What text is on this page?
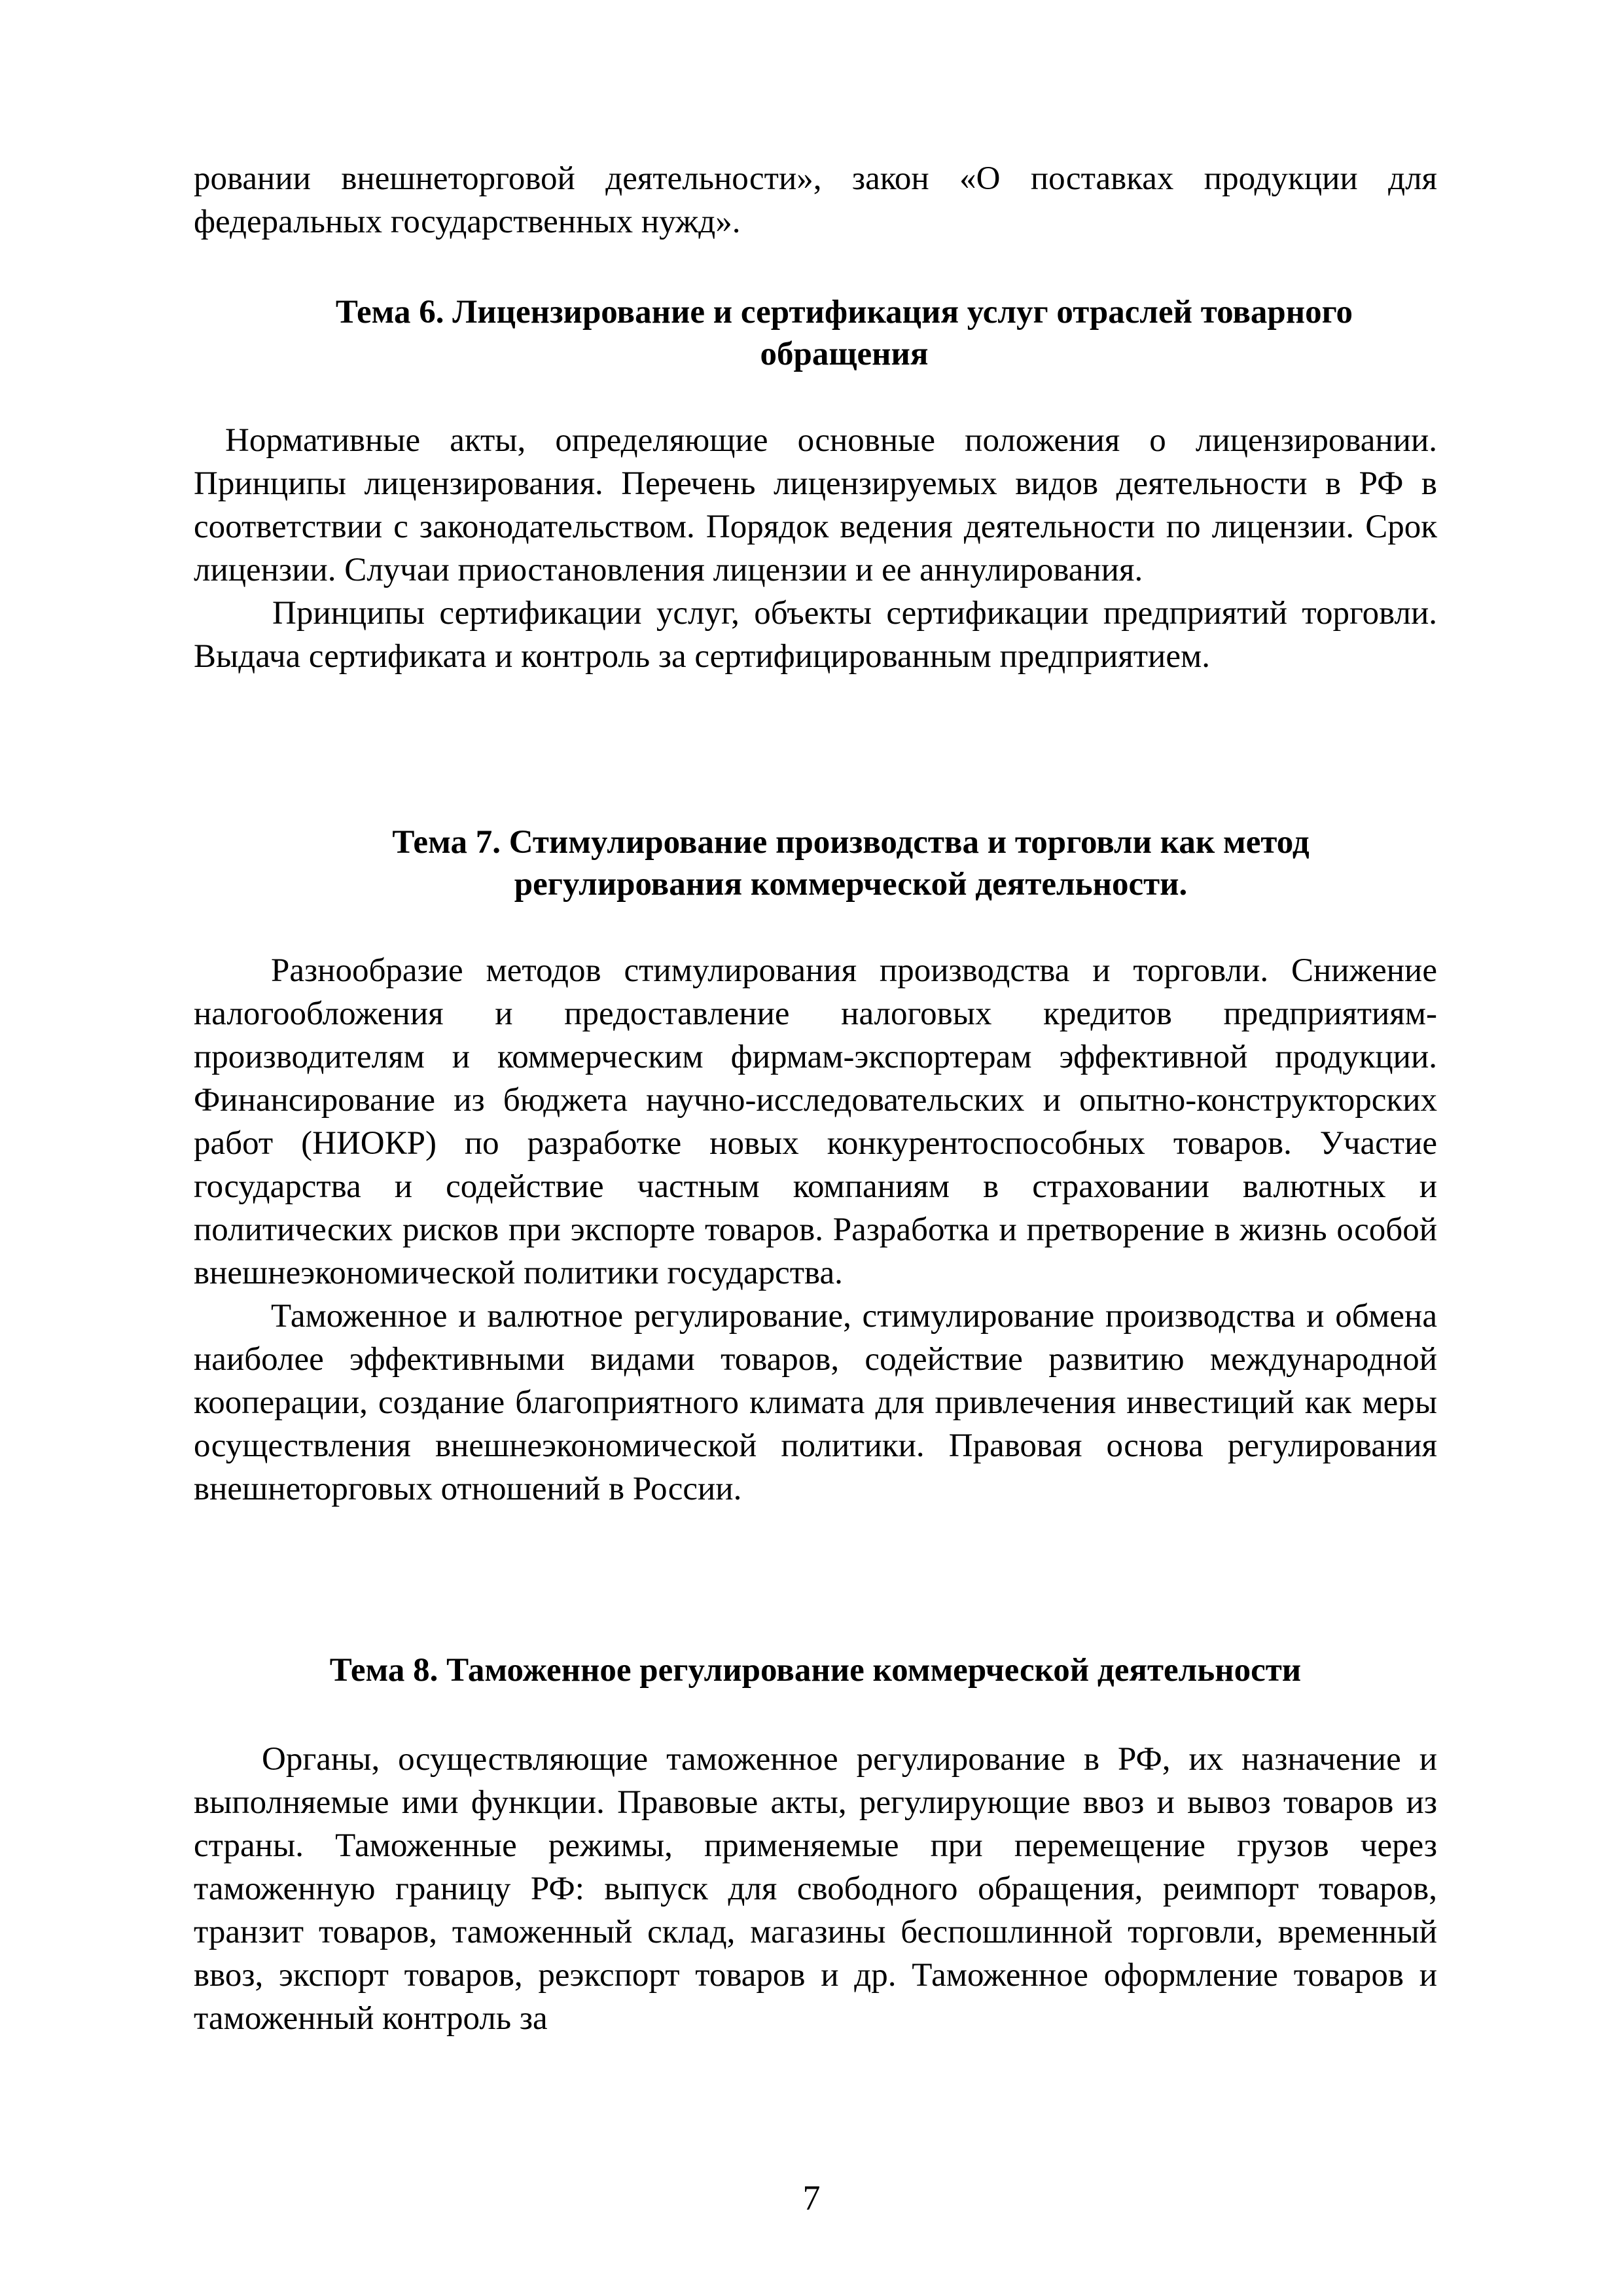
ровании внешнеторговой деятельности», закон «О поставках продукции для федеральных государственных нужд».

Тема 6. Лицензирование и сертификация услуг отраслей товарного обращения

Нормативные акты, определяющие основные положения о лицензировании. Принципы лицензирования. Перечень лицензируемых видов деятельности в РФ в соответствии с законодательством. Порядок ведения деятельности по лицензии. Срок лицензии. Случаи приостановления лицензии и ее аннулирования.

Принципы сертификации услуг, объекты сертификации предприятий торговли. Выдача сертификата и контроль за сертифицированным предприятием.

Тема 7. Стимулирование производства и торговли как метод регулирования коммерческой деятельности.

Разнообразие методов стимулирования производства и торговли. Снижение налогообложения и предоставление налоговых кредитов предприятиям-производителям и коммерческим фирмам-экспортерам эффективной продукции. Финансирование из бюджета научно-исследовательских и опытно-конструкторских работ (НИОКР) по разработке новых конкурентоспособных товаров. Участие государства и содействие частным компаниям в страховании валютных и политических рисков при экспорте товаров. Разработка и претворение в жизнь особой внешнеэкономической политики государства.

Таможенное и валютное регулирование, стимулирование производства и обмена наиболее эффективными видами товаров, содействие развитию международной кооперации, создание благоприятного климата для привлечения инвестиций как меры осуществления внешнеэкономической политики. Правовая основа регулирования внешнеторговых отношений в России.

Тема 8. Таможенное регулирование коммерческой деятельности

Органы, осуществляющие таможенное регулирование в РФ, их назначение и выполняемые ими функции. Правовые акты, регулирующие ввоз и вывоз товаров из страны. Таможенные режимы, применяемые при перемещение грузов через таможенную границу РФ: выпуск для свободного обращения, реимпорт товаров, транзит товаров, таможенный склад, магазины беспошлинной торговли, временный ввоз, экспорт товаров, реэкспорт товаров и др. Таможенное оформление товаров и таможенный контроль за

7
